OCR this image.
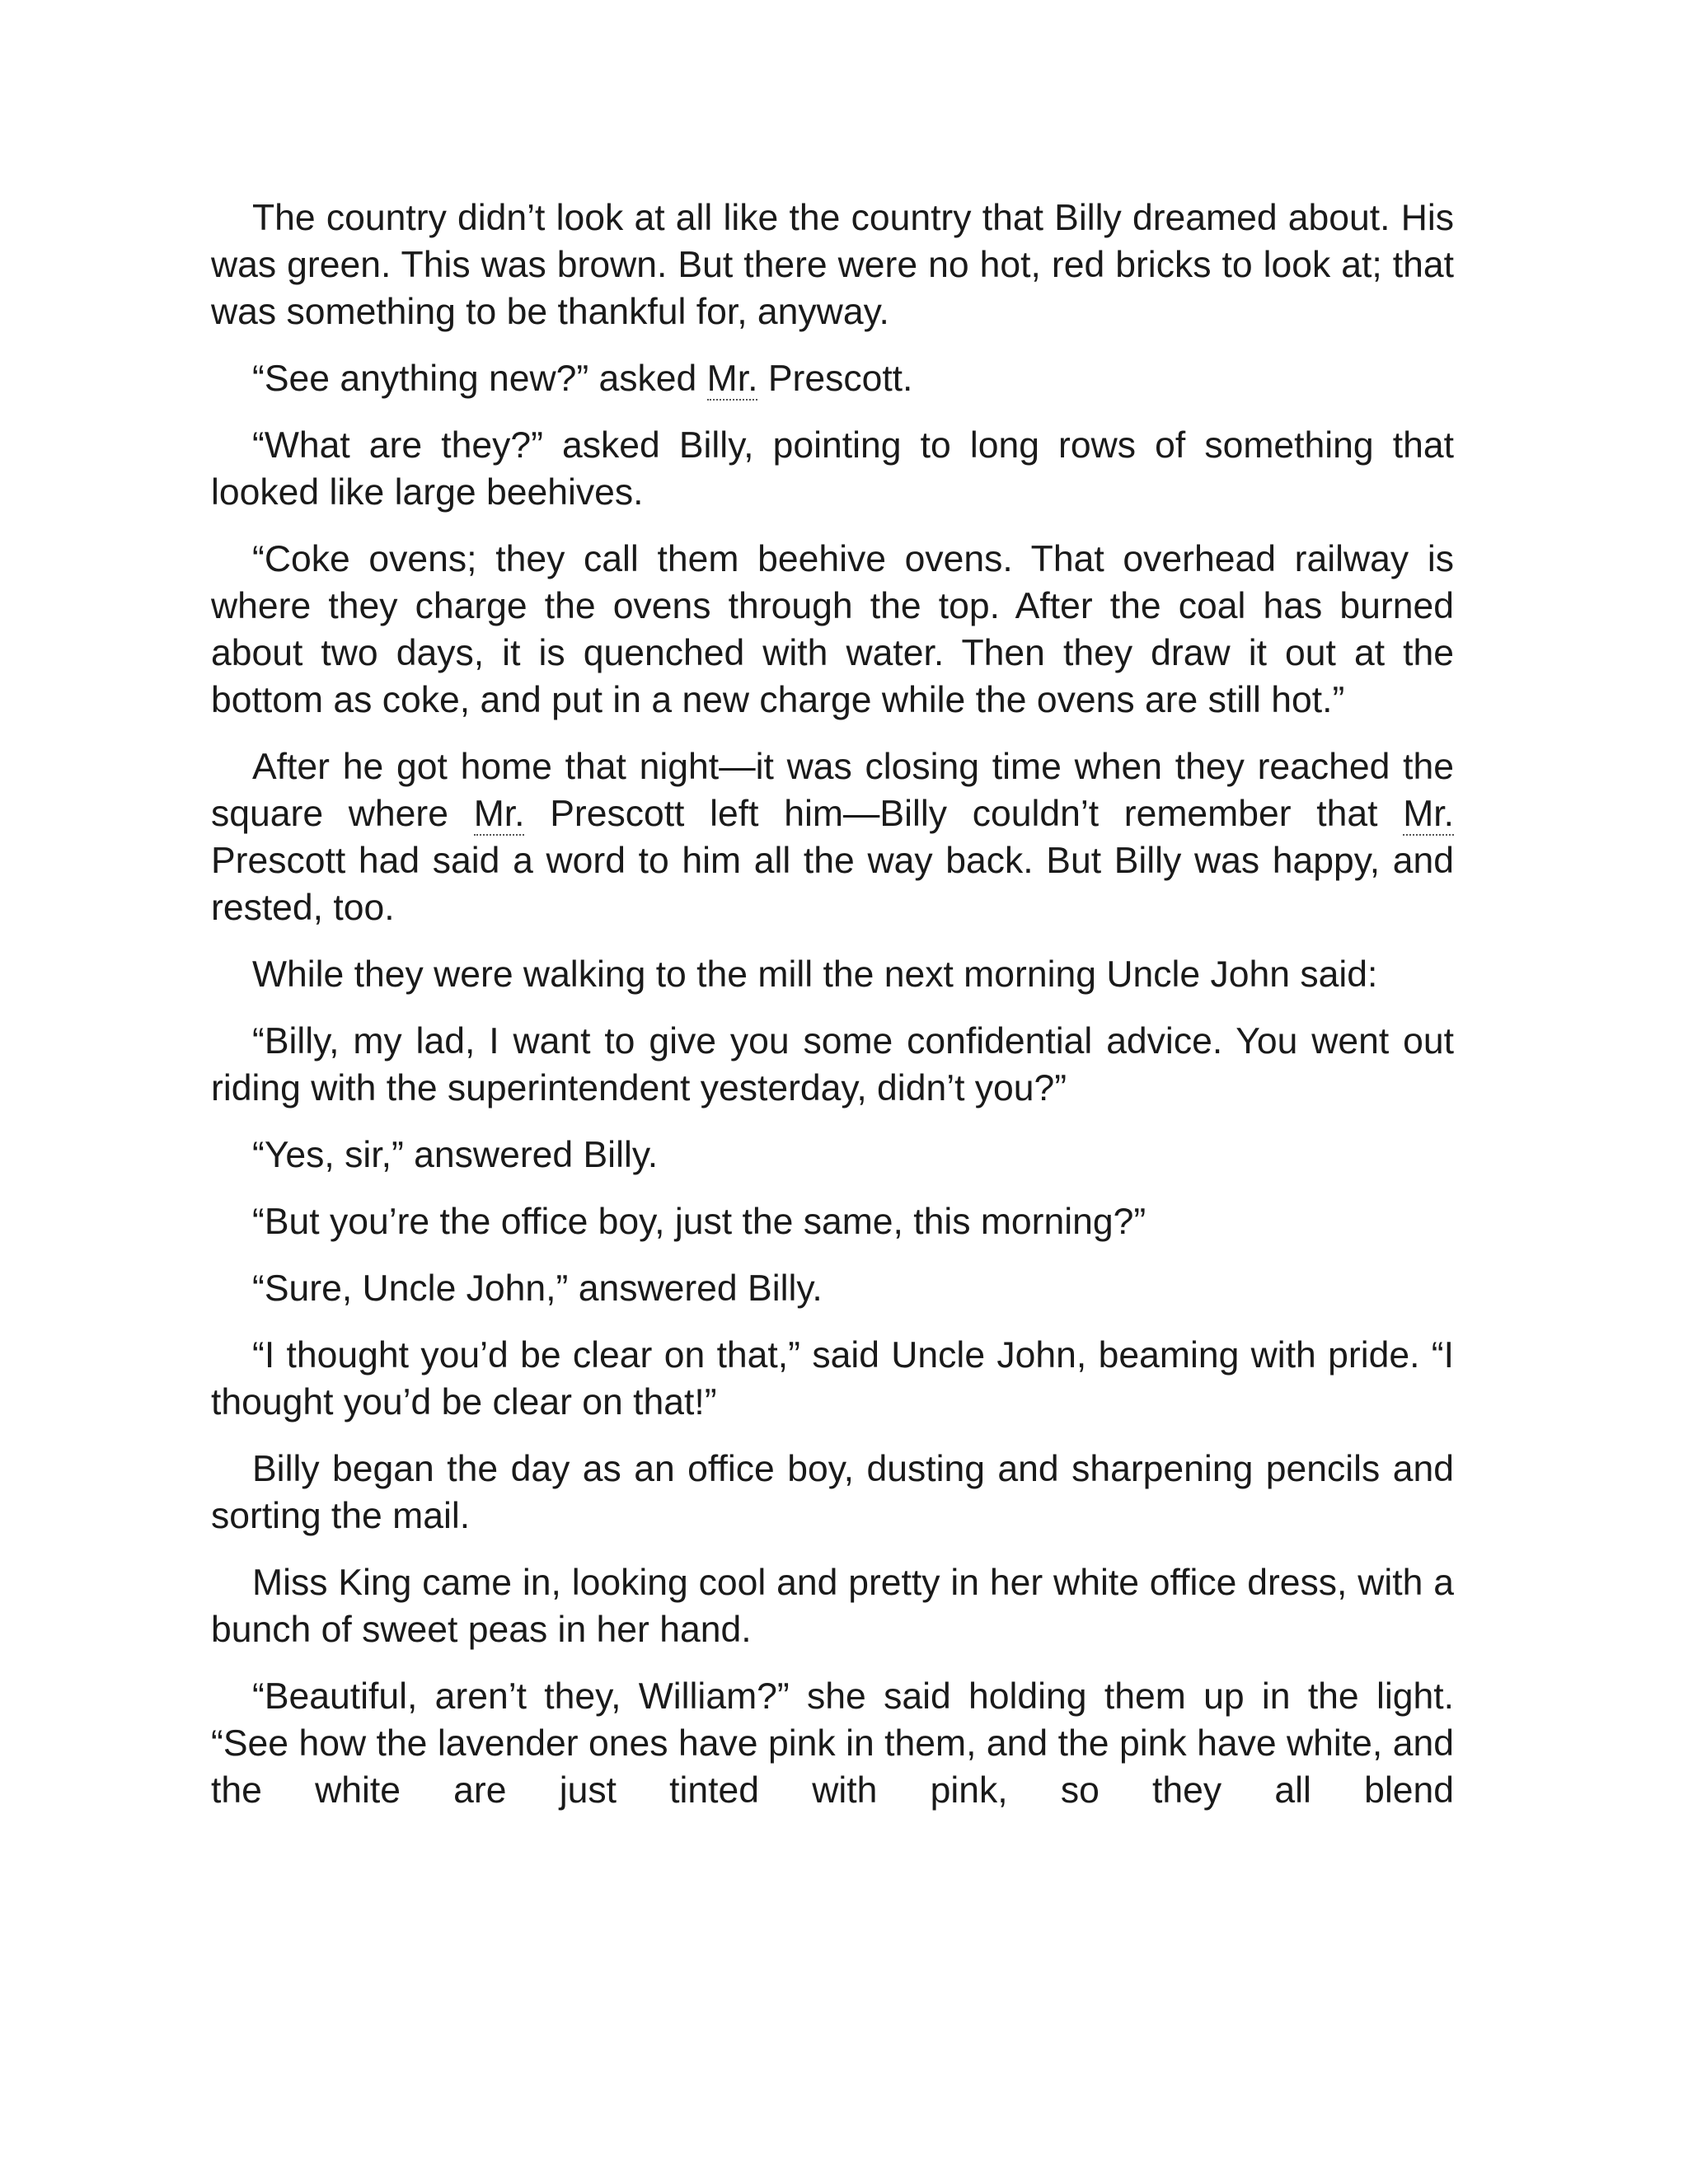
The country didn’t look at all like the country that Billy dreamed about. His was green. This was brown. But there were no hot, red bricks to look at; that was something to be thankful for, anyway.

“See anything new?” asked Mr. Prescott.

“What are they?” asked Billy, pointing to long rows of something that looked like large beehives.

“Coke ovens; they call them beehive ovens. That overhead railway is where they charge the ovens through the top. After the coal has burned about two days, it is quenched with water. Then they draw it out at the bottom as coke, and put in a new charge while the ovens are still hot.”

After he got home that night—it was closing time when they reached the square where Mr. Prescott left him—Billy couldn’t remember that Mr. Prescott had said a word to him all the way back. But Billy was happy, and rested, too.

While they were walking to the mill the next morning Uncle John said:

“Billy, my lad, I want to give you some confidential advice. You went out riding with the superintendent yesterday, didn’t you?”

“Yes, sir,” answered Billy.

“But you’re the office boy, just the same, this morning?”

“Sure, Uncle John,” answered Billy.

“I thought you’d be clear on that,” said Uncle John, beaming with pride. “I thought you’d be clear on that!”

Billy began the day as an office boy, dusting and sharpening pencils and sorting the mail.

Miss King came in, looking cool and pretty in her white office dress, with a bunch of sweet peas in her hand.

“Beautiful, aren’t they, William?” she said holding them up in the light. “See how the lavender ones have pink in them, and the pink have white, and the white are just tinted with pink, so they all blend
